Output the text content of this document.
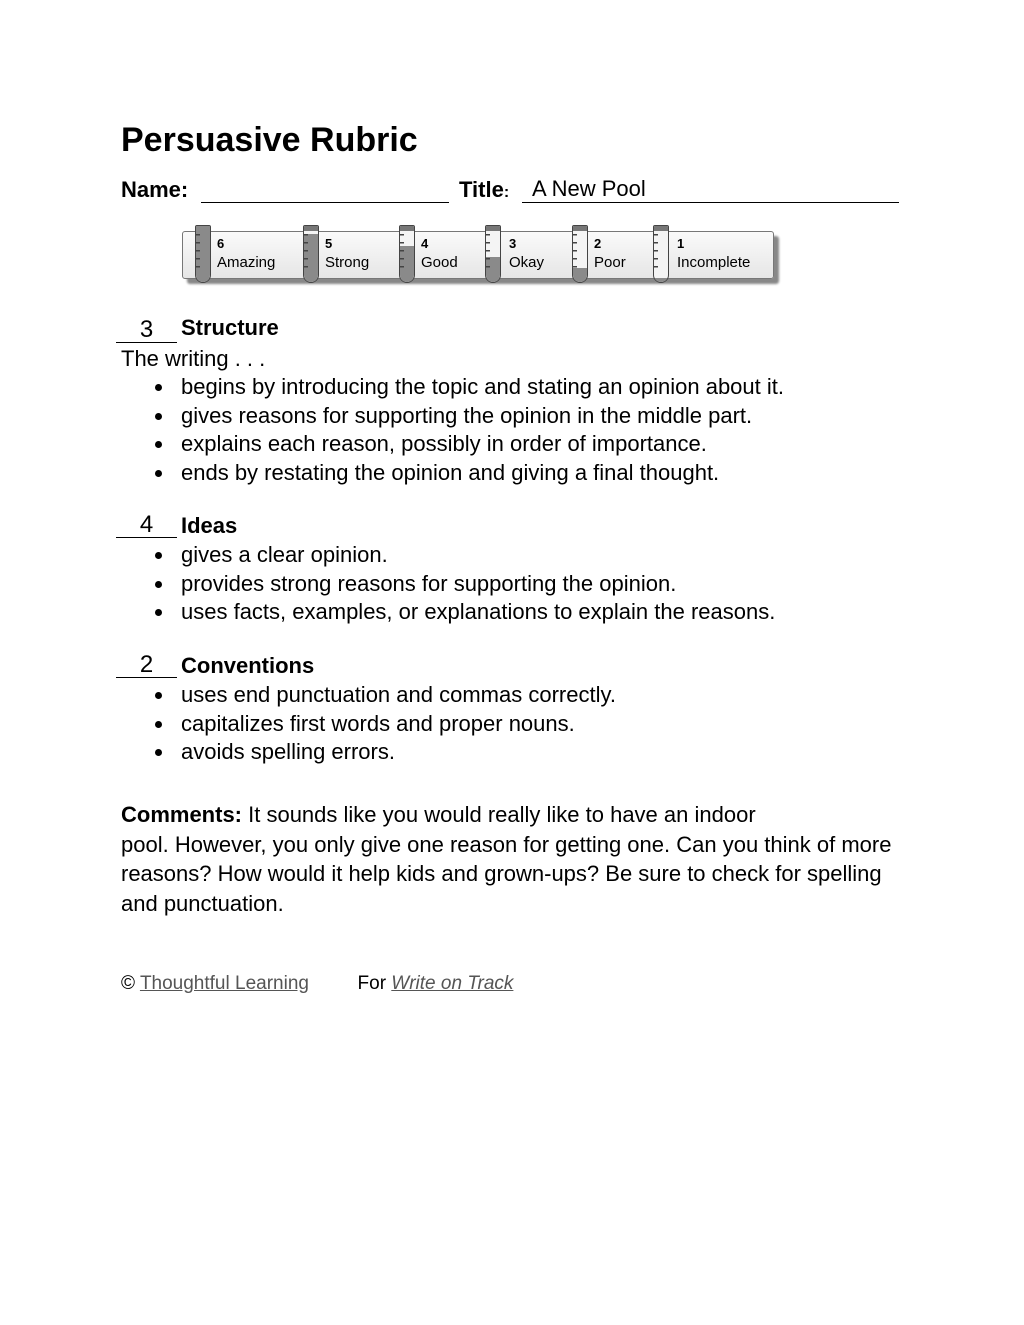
Persuasive Rubric
Name:	Title:	A New Pool
6
Amazing
5
Strong
4
Good
3
Okay
2
Poor
1
Incomplete
3	Structure
The writing . . .
begins by introducing the topic and stating an opinion about it.
gives reasons for supporting the opinion in the middle part.
explains each reason, possibly in order of importance.
ends by restating the opinion and giving a final thought.
4	Ideas
gives a clear opinion.
provides strong reasons for supporting the opinion.
uses facts, examples, or explanations to explain the reasons.
2	Conventions
uses end punctuation and commas correctly.
capitalizes first words and proper nouns.
avoids spelling errors.
Comments: It sounds like you would really like to have an indoor
pool. However, you only give one reason for getting one. Can you think of more reasons? How would it help kids and grown-ups? Be sure to check for spelling and punctuation.
© Thoughtful Learning	For Write on Track
